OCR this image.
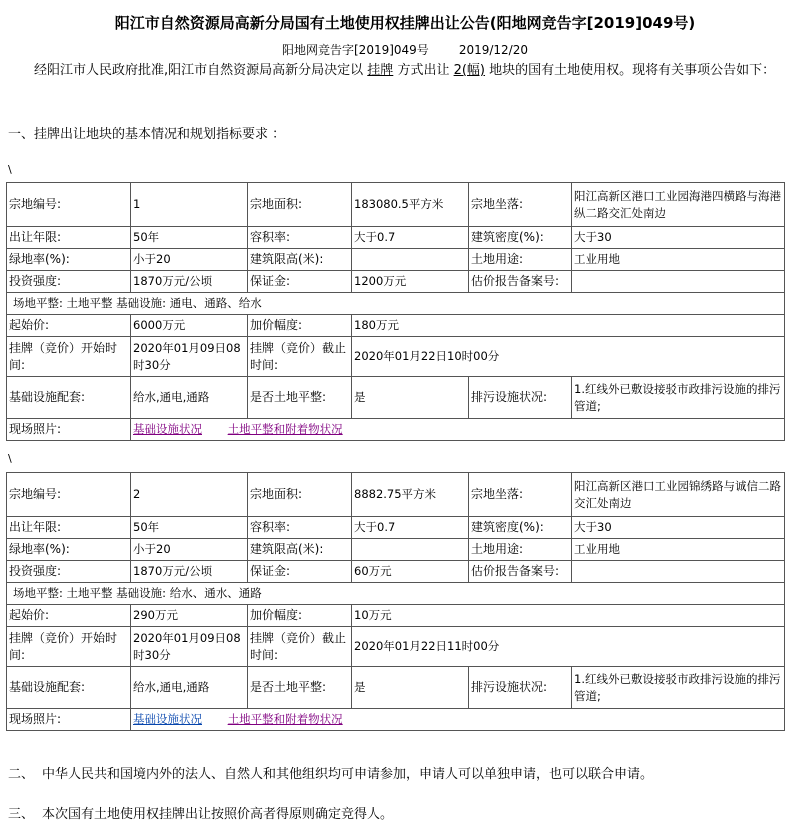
阳江市自然资源局高新分局国有土地使用权挂牌出让公告(阳地网竞告字[2019]049号)
阳地网竞告字[2019]049号	2019/12/20
经阳江市人民政府批准,阳江市自然资源局高新分局决定以 挂牌 方式出让 2(幅) 地块的国有土地使用权。现将有关事项公告如下：
一、挂牌出让地块的基本情况和规划指标要求 ：
\
宗地编号:	1	宗地面积:	183080.5平方米	宗地坐落:	阳江高新区港口工业园海港四横路与海港纵二路交汇处南边
出让年限:	50年	容积率:	大于0.7	建筑密度(%):	大于30
绿地率(%):	小于20	建筑限高(米):		土地用途:	工业用地
投资强度:	1870万元/公顷	保证金:	1200万元	估价报告备案号:	
场地平整: 土地平整 基础设施: 通电、通路、给水					
起始价:	6000万元	加价幅度:	180万元		
挂牌（竞价）开始时间:	2020年01月09日08时30分	挂牌（竞价）截止时间:	2020年01月22日10时00分		
基础设施配套:	给水,通电,通路	是否土地平整:	是	排污设施状况:	1.红线外已敷设接驳市政排污设施的排污管道;
现场照片:	基础设施状况 土地平整和附着物状况				
\
宗地编号:	2	宗地面积:	8882.75平方米	宗地坐落:	阳江高新区港口工业园锦绣路与诚信二路交汇处南边
出让年限:	50年	容积率:	大于0.7	建筑密度(%):	大于30
绿地率(%):	小于20	建筑限高(米):		土地用途:	工业用地
投资强度:	1870万元/公顷	保证金:	60万元	估价报告备案号:	
场地平整: 土地平整 基础设施: 给水、通水、通路					
起始价:	290万元	加价幅度:	10万元		
挂牌（竞价）开始时间:	2020年01月09日08时30分	挂牌（竞价）截止时间:	2020年01月22日11时00分		
基础设施配套:	给水,通电,通路	是否土地平整:	是	排污设施状况:	1.红线外已敷设接驳市政排污设施的排污管道;
现场照片:	基础设施状况 土地平整和附着物状况				
二、 中华人民共和国境内外的法人、自然人和其他组织均可申请参加，申请人可以单独申请，也可以联合申请。
三、 本次国有土地使用权挂牌出让按照价高者得原则确定竞得人。
